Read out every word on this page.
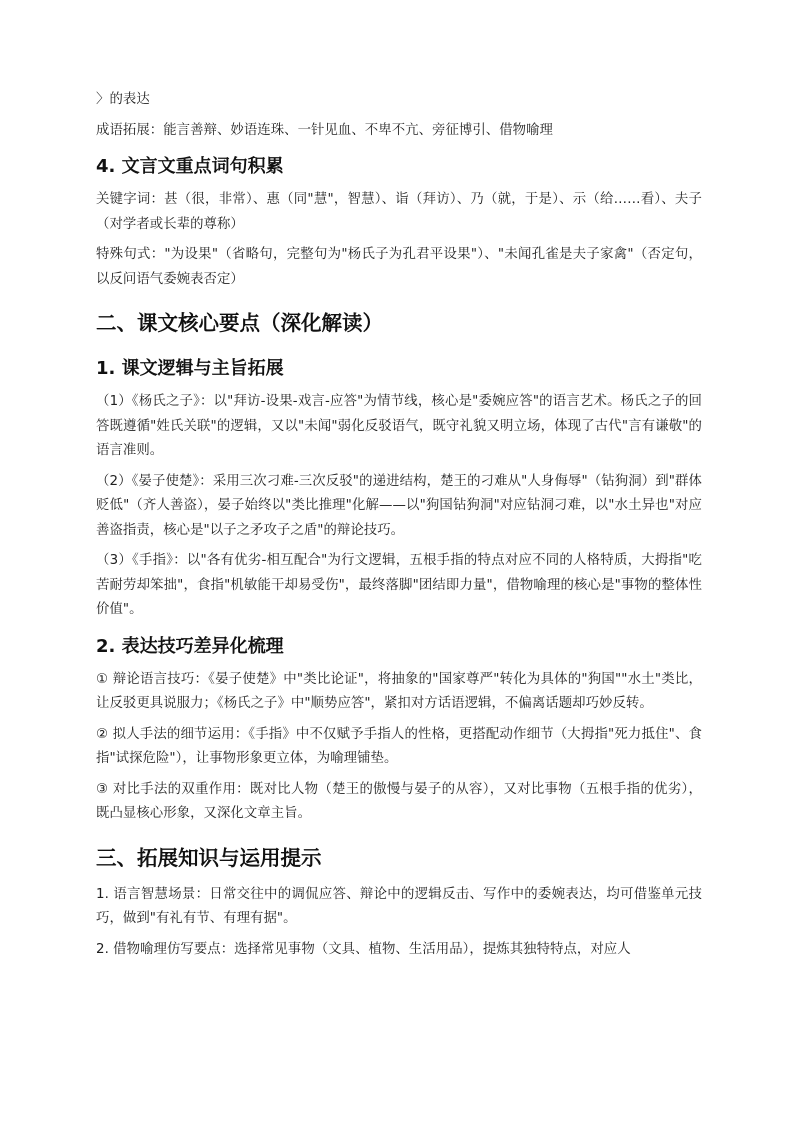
〉的表达

成语拓展：能言善辩、妙语连珠、一针见血、不卑不亢、旁征博引、借物喻理

4. 文言文重点词句积累

关键字词：甚（很，非常）、惠（同"慧"，智慧）、诣（拜访）、乃（就，于是）、示（给……看）、夫子（对学者或长辈的尊称）

特殊句式："为设果"（省略句，完整句为"杨氏子为孔君平设果"）、"未闻孔雀是夫子家禽"（否定句，以反问语气委婉表否定）

二、课文核心要点（深化解读）
1. 课文逻辑与主旨拓展

（1）《杨氏之子》：以"拜访-设果-戏言-应答"为情节线，核心是"委婉应答"的语言艺术。杨氏之子的回答既遵循"姓氏关联"的逻辑，又以"未闻"弱化反驳语气，既守礼貌又明立场，体现了古代"言有谦敬"的语言准则。

（2）《晏子使楚》：采用三次刁难-三次反驳"的递进结构，楚王的刁难从"人身侮辱"（钻狗洞）到"群体贬低"（齐人善盗），晏子始终以"类比推理"化解——以"狗国钻狗洞"对应钻洞刁难，以"水土异也"对应善盗指责，核心是"以子之矛攻子之盾"的辩论技巧。

（3）《手指》：以"各有优劣-相互配合"为行文逻辑，五根手指的特点对应不同的人格特质，大拇指"吃苦耐劳却笨拙"，食指"机敏能干却易受伤"，最终落脚"团结即力量"，借物喻理的核心是"事物的整体性价值"。

2. 表达技巧差异化梳理

① 辩论语言技巧：《晏子使楚》中"类比论证"，将抽象的"国家尊严"转化为具体的"狗国""水土"类比，让反驳更具说服力；《杨氏之子》中"顺势应答"，紧扣对方话语逻辑，不偏离话题却巧妙反转。

② 拟人手法的细节运用：《手指》中不仅赋予手指人的性格，更搭配动作细节（大拇指"死力抵住"、食指"试探危险"），让事物形象更立体，为喻理铺垫。

③ 对比手法的双重作用：既对比人物（楚王的傲慢与晏子的从容），又对比事物（五根手指的优劣），既凸显核心形象，又深化文章主旨。

三、拓展知识与运用提示

1. 语言智慧场景：日常交往中的调侃应答、辩论中的逻辑反击、写作中的委婉表达，均可借鉴单元技巧，做到"有礼有节、有理有据"。

2. 借物喻理仿写要点：选择常见事物（文具、植物、生活用品），提炼其独特特点，对应人
